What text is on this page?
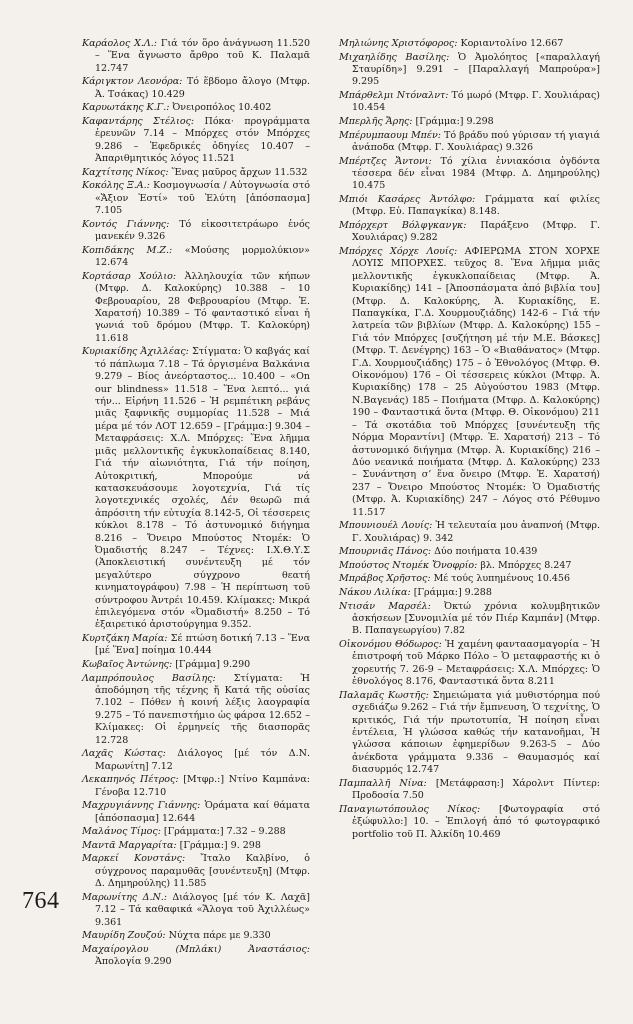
764

Καράολος Χ.Λ.: Γιά τόν ὅρο ἀνάγνωση 11.520 – Ἕνα ἄγνωστο ἄρθρο τοῦ Κ. Παλαμᾶ 12.747

Κάριγκτον Λεονόρα: Τό ἕβδομο ἄλογο (Μτφρ. Ἀ. Τσάκας) 10.429

Καρυωτάκης Κ.Γ.: Ὀνειροπόλος 10.402

Καφαντάρης Στέλιος: Πόκα· προγράμματα ἐρευνῶν 7.14 – Μπόρχες στόν Μπόρχες 9.286 – Ἐφεδρικές ὁδηγίες 10.407 – Ἀπαριθμητικός λόγος 11.521

Καχτίτσης Νίκος: Ἕνας μαῦρος ἄρχων 11.532

Κοκόλης Ξ.Α.: Κοσμογνωσία / Αὐτογνωσία στό «Ἄξιον Ἐστί» τοῦ Ἐλύτη [ἀπόσπασμα] 7.105

Κοντός Γιάννης: Τό εἰκοσιτετράωρο ἑνός μανεκέν 9.326

Κοπιδάκης Μ.Ζ.: «Μούσης μορμολύκιον» 12.674

Κορτάσαρ Χούλιο: Ἀλληλουχία τῶν κήπων (Μτφρ. Δ. Καλοκύρης) 10.388 – 10 Φεβρουαρίου, 28 Φεβρουαρίου (Μτφρ. Ἑ. Χαρατσή) 10.389 – Τό φανταστικό εἶναι ἡ γωνιά τοῦ δρόμου (Μτφρ. Τ. Καλοκύρη) 11.618

Κυριακίδης Ἀχιλλέας: Στίγματα: Ὁ καβγάς καί τό πάπλωμα 7.18 – Τά ὀργισμένα Βαλκάνια 9.279 – Βίος ἀνεόρταστος... 10.400 – «On our blindness» 11.518 – Ἕνα λεπτό... γιά τήν... Εἰρήνη 11.526 – Ἡ ρεμπέτικη ρεβάνς μιᾶς ξαφνικῆς συμμορίας 11.528 – Μιά μέρα μέ τόν ΛΟΤ 12.659 – [Γράμμα:] 9.304 – Μεταφράσεις: Χ.Λ. Μπόρχες: Ἕνα λῆμμα μιᾶς μελλοντικῆς ἐγκυκλοπαίδειας 8.140, Γιά τήν αἰωνιότητα, Γιά τήν ποίηση, Αὐτοκριτική, Μπορούμε νά κατασκευάσουμε λογοτεχνία, Γιά τίς λογοτεχνικές σχολές, Δέν θεωρῶ πιά ἀπρόσιτη τήν εὐτυχία 8.142-5, Οἱ τέσσερεις κύκλοι 8.178 – Τό ἀστυνομικό διήγημα 8.216 – Ὄνειρο Μπούστος Ντομέκ: Ὁ Ὀμαδιστής 8.247 – Τέχνες: Ι.Χ.Θ.Υ.Σ (Ἀποκλειστική συνέντευξη μέ τόν μεγαλύτερο σύγχρονο θεατή κινηματογράφου) 7.98 – Ἡ περίπτωση τοῦ σύντροφου Ἀντρέι 10.459. Κλίμακες: Μικρά ἐπιλεγόμενα στόν «Ὀμαδιστή» 8.250 – Τό ἐξαιρετικό ἀριστούργημα 9.352.

Κυρτζάκη Μαρία: Σέ πτώση δοτική 7.13 – Ἕνα [μέ Ἕνα] ποίημα 10.444

Κωβαῖος Ἀντώνης: [Γράμμα] 9.290

Λαμπρόπουλος Βασίλης: Στίγματα: Ἡ ἀποδόμηση τῆς τέχνης ἤ Κατά τῆς οὐσίας 7.102 – Πόθεν ἡ κοινή λέξις λαογραφία 9.275 – Τό πανεπιστήμιο ὡς φάρσα 12.652 – Κλίμακες: Οἱ ἑρμηνείς τῆς διασπορᾶς 12.728

Λαχᾶς Κώστας: Διάλογος [μέ τόν Δ.Ν. Μαρωνίτη] 7.12

Λεκαπηνός Πέτρος: [Μτφρ.:] Ντίνο Καμπάνα: Γένοβα 12.710

Μαχρυγιάννης Γιάννης: Ὁράματα καί θάματα [ἀπόσπασμα] 12.644

Μαλάνος Τίμος: [Γράμματα:] 7.32 – 9.288

Μαντᾶ Μαργαρίτα: [Γράμμα:] 9. 298

Μαρκεί Κονστάνς: Ἴταλο Καλβίνο, ὁ σύγχρονος παραμυθᾶς [συνέντευξη] (Μτφρ. Δ. Δημηρούλης) 11.585

Μαρωνίτης Δ.Ν.: Διάλογος [μέ τόν Κ. Λαχᾶ] 7.12 – Τά καθαφικά «Ἄλογα τοῦ Ἀχιλλέως» 9.361

Μαυρίδη Ζουζού: Νύχτα πάρε με 9.330

Μαχαίρογλου (Μπλάκι) Ἀναστάσιος: Ἀπολογία 9.290

Μηλιώνης Χριστόφορος: Κοριαντολίνο 12.667

Μιχαηλίδης Βασίλης: Ὁ Ἀμολόητος [«παραλλαγή Σταυρίδη»] 9.291 – [Παραλλαγή Μαπρούρα»] 9.295

Μπάρθελμι Ντόναλντ: Τό μωρό (Μτφρ. Γ. Χουλιάρας) 10.454

Μπερλῆς Ἄρης: [Γράμμα:] 9.298

Μπέρυμπαουμ Μπέν: Τό βράδυ πού γύρισαν τή γιαγιά ἀνάποδα (Μτφρ. Γ. Χουλιάρας) 9.326

Μπέρτζες Ἄντονι: Τό χίλια ἐννιακόσια ὀγδόντα τέσσερα δέν εἶναι 1984 (Μτφρ. Δ. Δημηρούλης) 10.475

Μπιόι Κασάρες Ἀντόλφο: Γράμματα καί φιλίες (Μτφρ. Εὐ. Παπαγκίκα) 8.148.

Μπόρχερτ Βόλφγκανγκ: Παράξενο (Μτφρ. Γ. Χουλιάρας) 9.282

Μπόρχες Χόρχε Λουίς: ΑΦΙΕΡΩΜΑ ΣΤΟΝ ΧΟΡΧΕ ΛΟΥΙΣ ΜΠΟΡΧΕΣ. τεῦχος 8. Ἕνα λῆμμα μιᾶς μελλοντικῆς ἐγκυκλοπαίδειας (Μτφρ. Ἀ. Κυριακίδης) 141 – [Ἀποσπάσματα ἀπό βιβλία του] (Μτφρ. Δ. Καλοκύρης, Ἀ. Κυριακίδης, Ε. Παπαγκίκα, Γ.Δ. Χουρμουζιάδης) 142-6 – Γιά τήν λατρεία τῶν βιβλίων (Μτφρ. Δ. Καλοκύρης) 155 – Γιά τόν Μπόρχες [συζήτηση μέ τήν Μ.Ε. Βάσκες] (Μτφρ. Τ. Δενέγρης) 163 – Ὁ «Βιαθάνατος» (Μτφρ. Γ.Δ. Χουρμουζιάδης) 175 – ὁ Ἐθνολόγος (Μτφρ. Θ. Οἰκονόμου) 176 – Οἱ τέσσερεις κύκλοι (Μτφρ. Ἀ. Κυριακίδης) 178 – 25 Αὐγούστου 1983 (Μτφρ. Ν.Βαγενάς) 185 – Ποιήματα (Μτφρ. Δ. Καλοκύρης) 190 – Φανταστικά ὄντα (Μτφρ. Θ. Οἰκονόμου) 211 – Τά σκοτάδια τοῦ Μπόρχες [συνέντευξη τῆς Νόρμα Μοραντίνι] (Μτφρ. Ἑ. Χαρατσή) 213 – Τό ἀστυνομικό διήγημα (Μτφρ. Ἀ. Κυριακίδης) 216 – Δύο νεανικά ποιήματα (Μτφρ. Δ. Καλοκύρης) 233 – Συνάντηση σ’ ἕνα ὄνειρο (Μτφρ. Ἑ. Χαρατσή) 237 – Ὄνειρο Μπούστος Ντομέκ: Ὁ Ὀμαδιστής (Μτφρ. Ἀ. Κυριακίδης) 247 – Λόγος στό Ρέθυμνο 11.517

Μπουνιουέλ Λουίς: Ἡ τελευταία μου ἀναπνοή (Μτφρ. Γ. Χουλιάρας) 9. 342

Μπουρνιᾶς Πάνος: Δύο ποιήματα 10.439

Μπούστος Ντομέκ Ὄνοφρίο: βλ. Μπόρχες 8.247

Μπράβος Χρῆστος: Μέ τούς λυπημένους 10.456

Νάκου Λιλίκα: [Γράμμα:] 9.288

Ντισάν Μαρσέλ: Ὀκτώ χρόνια κολυμβητικῶν ἀσκήσεων [Συνομιλία μέ τόν Πιέρ Καμπάν] (Μτφρ. Β. Παπαγεωργίου) 7.82

Οἰκονόμου Θόδωρος: Ἡ χαμένη φανταασμαγορία – Ἡ ἐπιστροφή τοῦ Μάρκο Πόλο – Ὁ μεταφραστής κι ὁ χορευτής 7. 26-9 – Μεταφράσεις: Χ.Λ. Μπόρχες: Ὁ ἐθνολόγος 8.176, Φανταστικά ὄντα 8.211

Παλαμᾶς Κωστῆς: Σημειώματα γιά μυθιστόρημα πού σχεδιάζω 9.262 – Γιά τήν ἔμπνευση, Ὁ τεχνίτης, Ὁ κριτικός, Γιά τήν πρωτοτυπία, Ἡ ποίηση εἶναι ἐντέλεια, Ἡ γλώσσα καθώς τήν κατανοῆμαι, Ἡ γλώσσα κάποιων ἐφημερίδων 9.263-5 – Δύο ἀνέκδοτα γράμματα 9.336 – Θαυμασμός καί διασυρμός 12.747

Παμπαλλῆ Νίνα: [Μετάφραση:] Χάρολντ Πίντερ: Προδοσία 7.50

Παναγιωτόπουλος Νίκος: [Φωτογραφία στό ἐξώφυλλο:] 10. – Ἐπιλογή ἀπό τό φωτογραφικό portfolio τοῦ Π. Ἀλκίδη 10.469
